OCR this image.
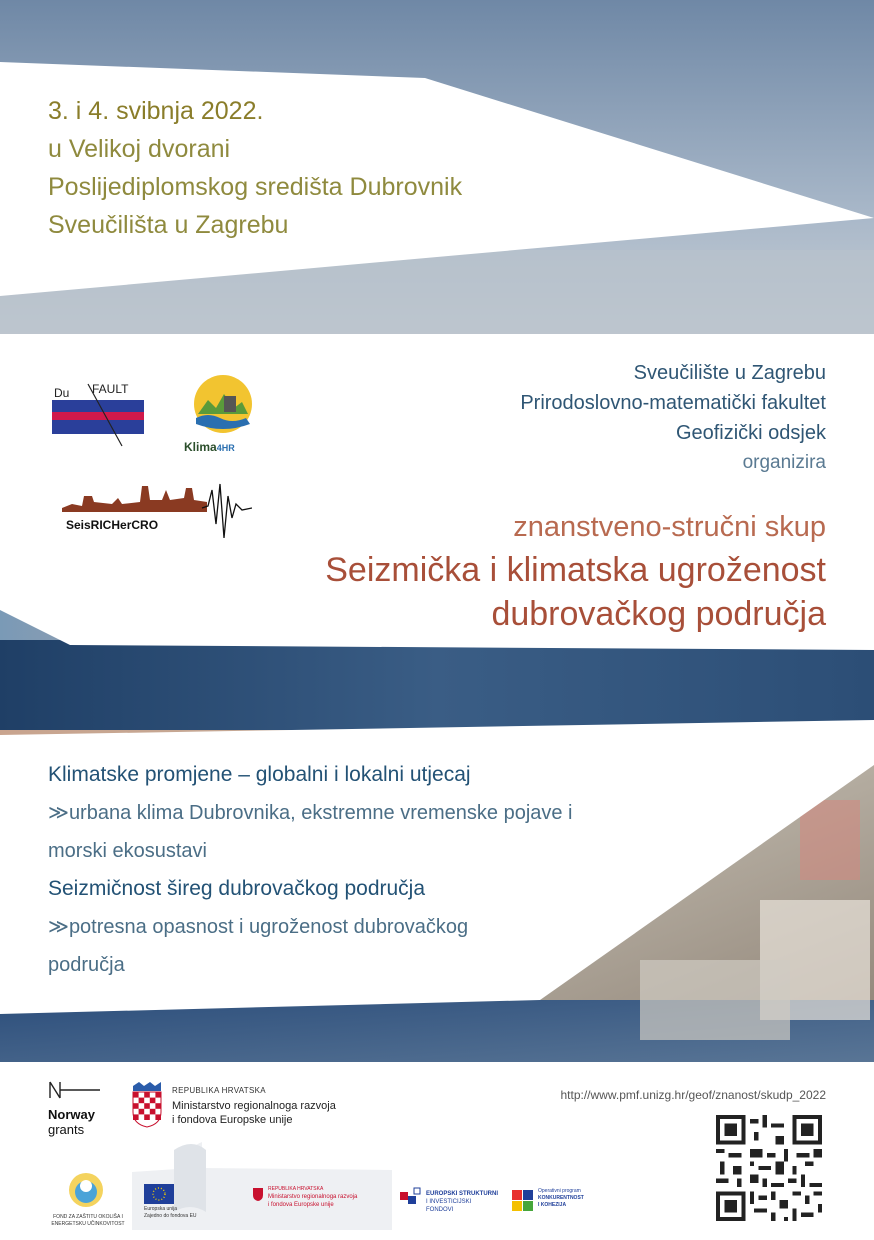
3. i 4. svibnja 2022.
u Velikoj dvorani
Poslijediplomskog središta Dubrovnik
Sveučilišta u Zagrebu
Du FAULT
Klima4HR
SeisRICHerCRO
Sveučilište u Zagrebu
Prirodoslovno-matematički fakultet
Geofizički odsjek
organizira
znanstveno-stručni skup
Seizmička i klimatska ugroženost
dubrovačkog područja
Klimatske promjene – globalni i lokalni utjecaj
≫urbana klima Dubrovnika, ekstremne vremenske pojave i
morski ekosustavi
Seizmičnost šireg dubrovačkog područja
≫potresna opasnost i ugroženost dubrovačkog
područja
Norway
grants
REPUBLIKA HRVATSKA
Ministarstvo regionalnoga razvoja
i fondova Europske unije
http://www.pmf.unizg.hr/geof/znanost/skudp_2022
FOND ZA ZAŠTITU OKOLIŠA I
ENERGETSKU UČINKOVITOST
Europska unija
Zajedno do fondova EU
REPUBLIKA HRVATSKA
Ministarstvo regionalnoga razvoja
i fondova Europske unije
EUROPSKI STRUKTURNI
I INVESTICIJSKI FONDOVI
Operativni program
KONKURENTNOST
I KOHEZIJA
